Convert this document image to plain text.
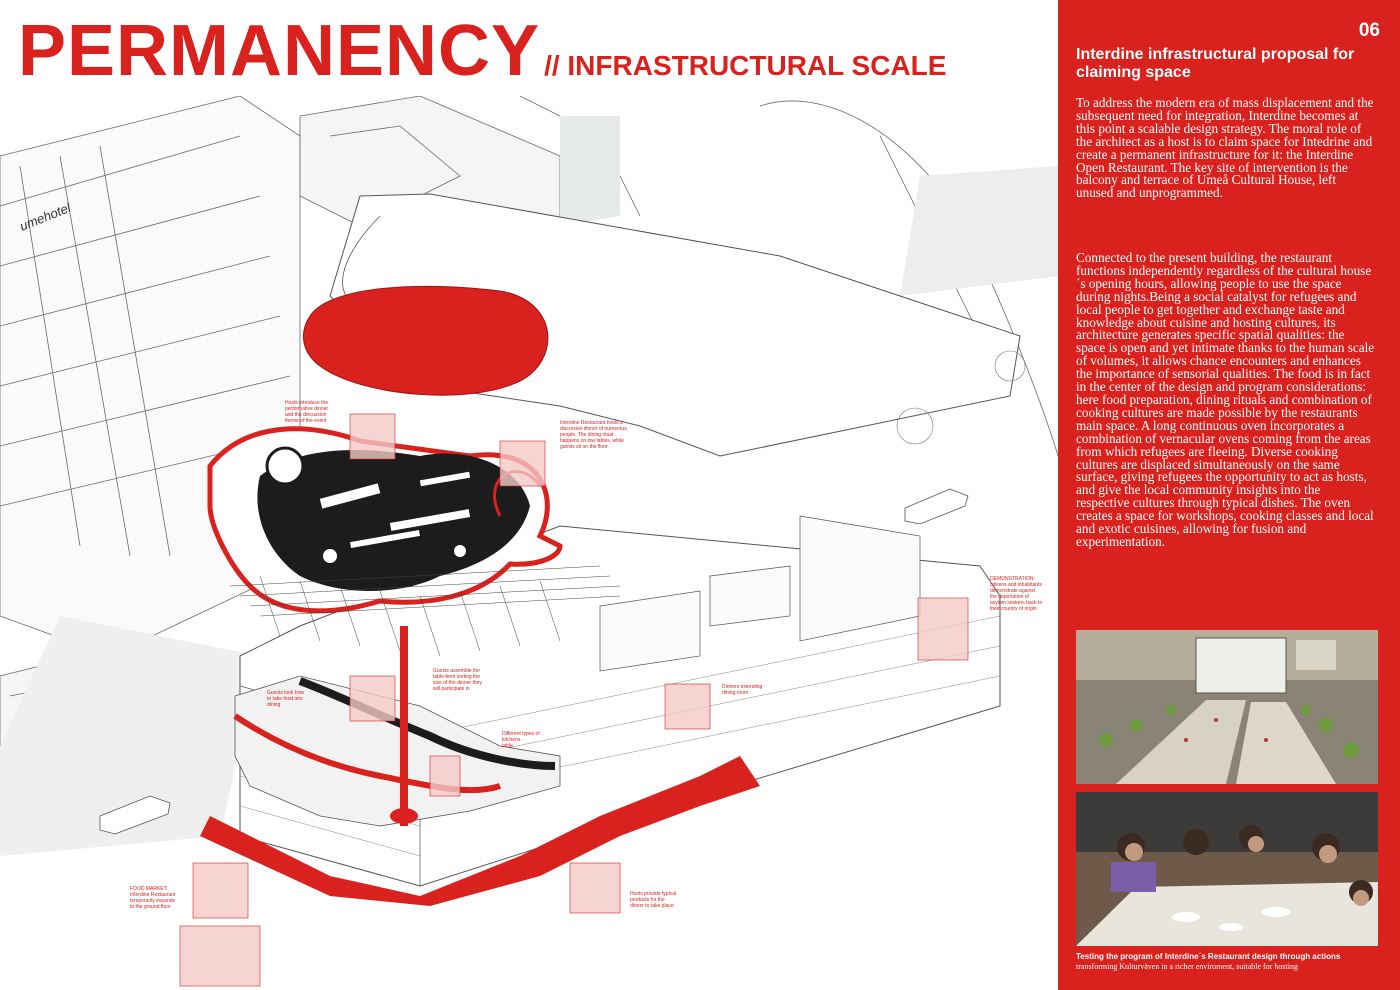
PERMANENCY // INFRASTRUCTURAL SCALE
umehotel
Hosts introduce the performative dinner and the discussion theme of the event	Interdine Restaurant hosts a discursive dinner of numerous people. The dining ritual happens on low tables, while guests sit on the floor
Guests assemble the table-bent sorting the size of the dinner they will participate in
Guests look how to take food into dining
Different types of kitchens table
Dinners extending dining room
DEMONSTRATION: citizens and inhabitants demonstrate against the deportation of asylum seekers back to their country of origin
FOOD MARKET: Interdine Restaurant temporarily expands to the ground floor
Hosts provide typical products for the dinner to take place
06
Interdine infrastructural proposal for claiming space

To address the modern era of mass displacement and the subsequent need for integration, Interdine becomes at this point a scalable design strategy. The moral role of the architect as a host is to claim space for Intedrine and create a permanent infrastructure for it: the Interdine Open Restaurant. The key site of intervention is the balcony and terrace of Umeå Cultural House, left unused and unprogrammed.

Connected to the present building, the restaurant functions independently regardless of the cultural house´s opening hours, allowing people to use the space during nights.Being a social catalyst for refugees and local people to get together and exchange taste and knowledge about cuisine and hosting cultures, its architecture generates specific spatial qualities: the space is open and yet intimate thanks to the human scale of volumes, it allows chance encounters and enhances the importance of sensorial qualities. The food is in fact in the center of the design and program considerations: here food preparation, dining rituals and combination of cooking cultures are made possible by the restaurants main space. A long continuous oven incorporates a combination of vernacular ovens coming from the areas from which refugees are fleeing. Diverse cooking cultures are displaced simultaneously on the same surface, giving refugees the opportunity to act as hosts, and give the local community insights into the respective cultures through typical dishes. The oven creates a space for workshops, cooking classes and local and exotic cuisines, allowing for fusion and experimentation.

Testing the program of Interdine´s Restaurant design through actions
transforming Kulturväven in a richer enviroment, suitable for hosting
